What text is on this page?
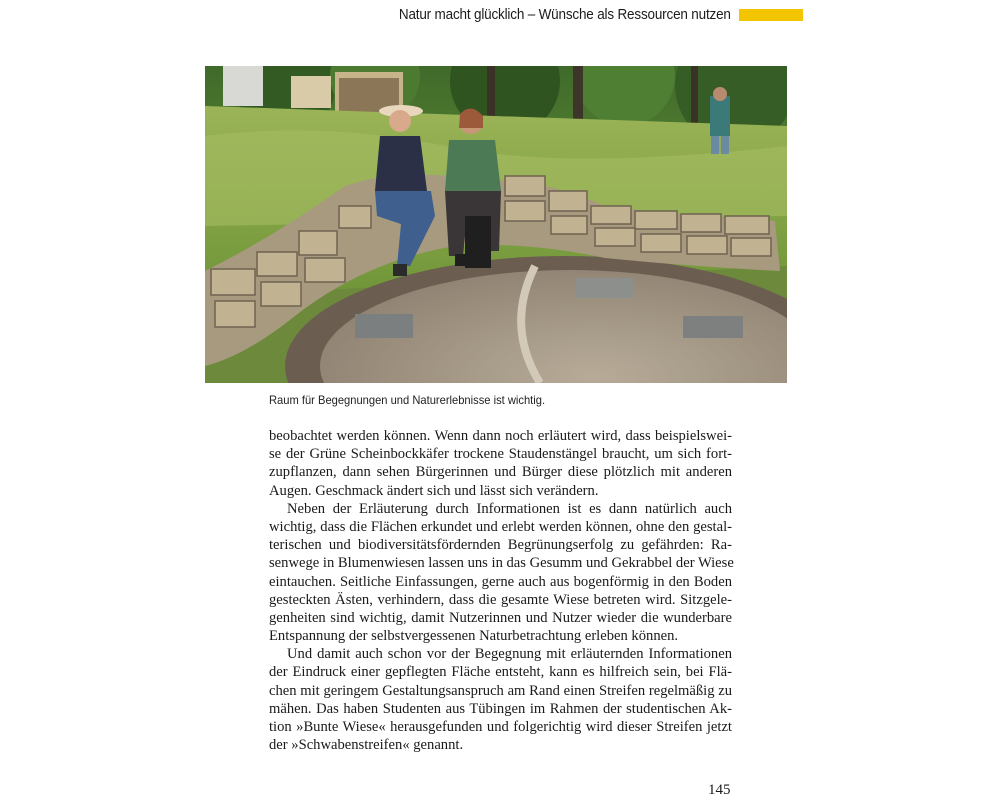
Natur macht glücklich – Wünsche als Ressourcen nutzen
Raum für Begegnungen und Naturerlebnisse ist wichtig.
beobachtet werden können. Wenn dann noch erläutert wird, dass beispielswei-
se der Grüne Scheinbockkäfer trockene Staudenstängel braucht, um sich fort-
zupflanzen, dann sehen Bürgerinnen und Bürger diese plötzlich mit anderen
Augen. Geschmack ändert sich und lässt sich verändern.
Neben der Erläuterung durch Informationen ist es dann natürlich auch
wichtig, dass die Flächen erkundet und erlebt werden können, ohne den gestal-
terischen und biodiversitätsfördernden Begrünungserfolg zu gefährden: Ra-
senwege in Blumenwiesen lassen uns in das Gesumm und Gekrabbel der Wiese
eintauchen. Seitliche Einfassungen, gerne auch aus bogenförmig in den Boden
gesteckten Ästen, verhindern, dass die gesamte Wiese betreten wird. Sitzgele-
genheiten sind wichtig, damit Nutzerinnen und Nutzer wieder die wunderbare
Entspannung der selbstvergessenen Naturbetrachtung erleben können.
Und damit auch schon vor der Begegnung mit erläuternden Informationen
der Eindruck einer gepflegten Fläche entsteht, kann es hilfreich sein, bei Flä-
chen mit geringem Gestaltungsanspruch am Rand einen Streifen regelmäßig zu
mähen. Das haben Studenten aus Tübingen im Rahmen der studentischen Ak-
tion »Bunte Wiese« herausgefunden und folgerichtig wird dieser Streifen jetzt
der »Schwabenstreifen« genannt.
145
